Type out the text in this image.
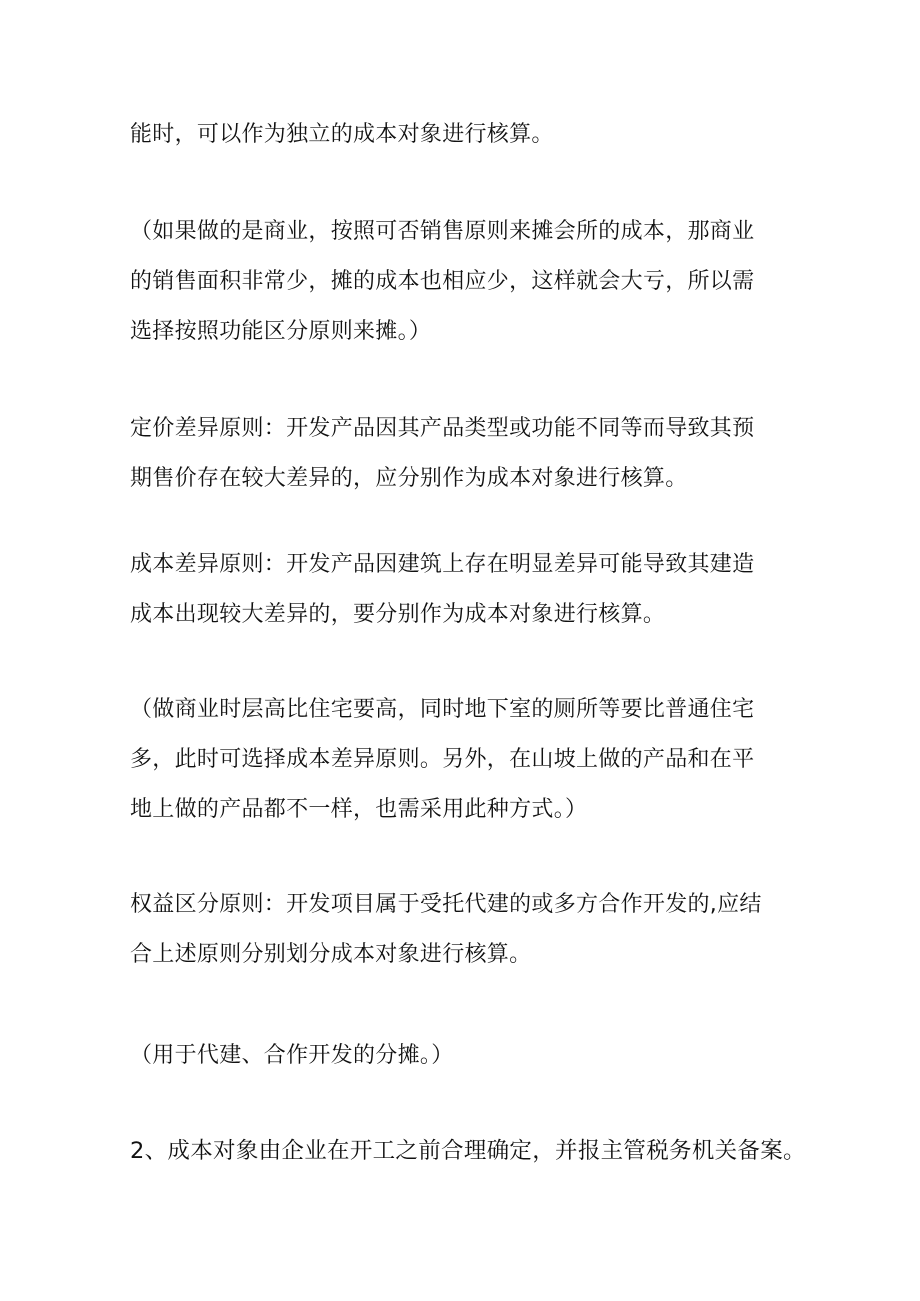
能时，可以作为独立的成本对象进行核算。

（如果做的是商业，按照可否销售原则来摊会所的成本，那商业
的销售面积非常少，摊的成本也相应少，这样就会大亏，所以需
选择按照功能区分原则来摊。）

定价差异原则：开发产品因其产品类型或功能不同等而导致其预
期售价存在较大差异的，应分别作为成本对象进行核算。

成本差异原则：开发产品因建筑上存在明显差异可能导致其建造
成本出现较大差异的，要分别作为成本对象进行核算。

（做商业时层高比住宅要高，同时地下室的厕所等要比普通住宅
多，此时可选择成本差异原则。另外，在山坡上做的产品和在平
地上做的产品都不一样，也需采用此种方式。）

权益区分原则：开发项目属于受托代建的或多方合作开发的,应结
合上述原则分别划分成本对象进行核算。

（用于代建、合作开发的分摊。）

2、成本对象由企业在开工之前合理确定，并报主管税务机关备案。
